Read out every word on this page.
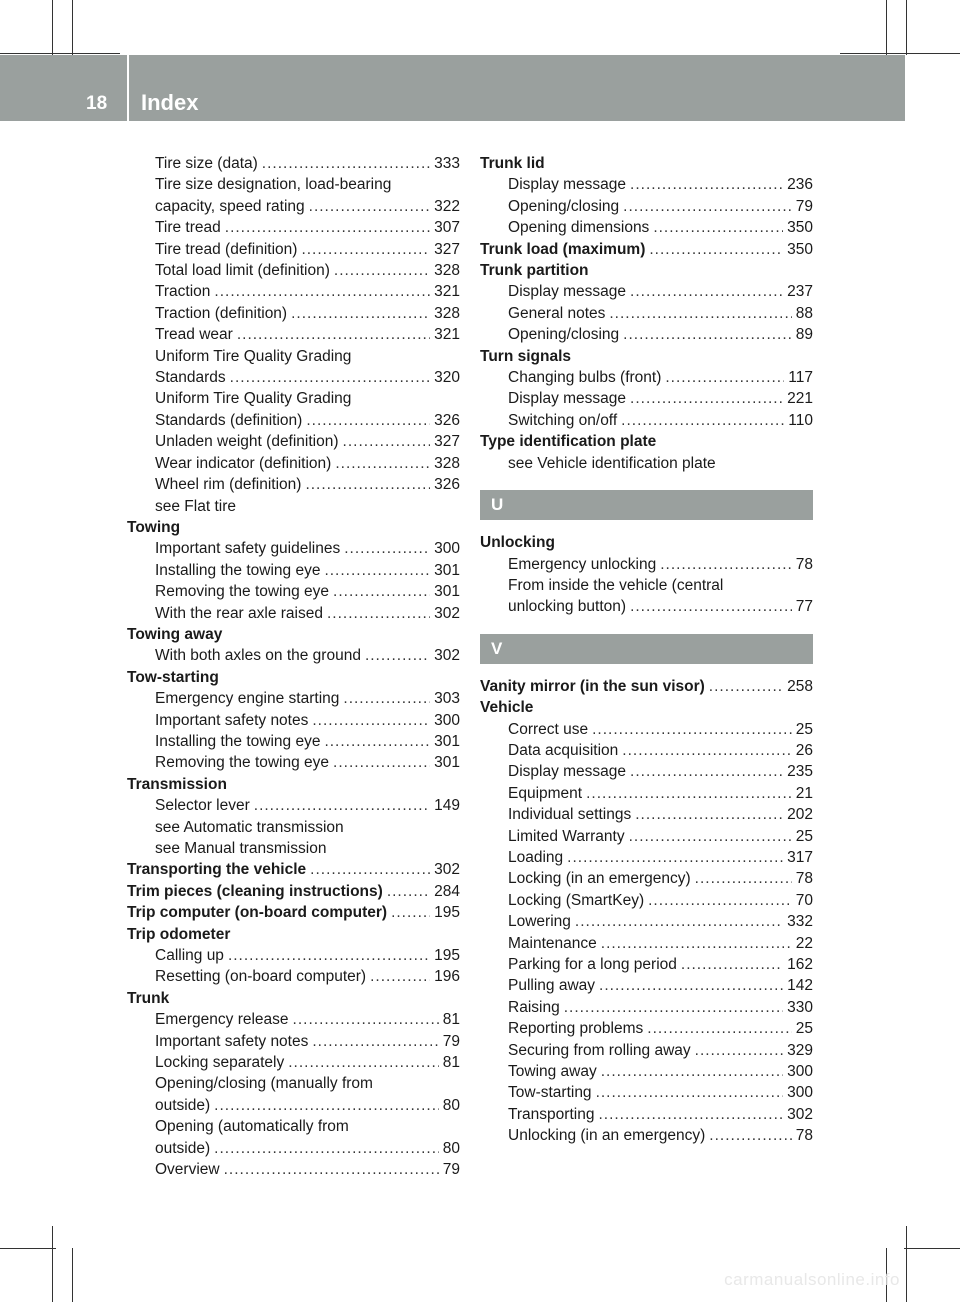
18 Index
Tire size (data) .....	333
Tire size designation, load-bearing
capacity, speed rating .....	322
Tire tread .....	307
Tire tread (definition) .....	327
Total load limit (definition) .....	328
Traction .....	321
Traction (definition) .....	328
Tread wear .....	321
Uniform Tire Quality Grading
Standards .....	320
Uniform Tire Quality Grading
Standards (definition) .....	326
Unladen weight (definition) .....	327
Wear indicator (definition) .....	328
Wheel rim (definition) .....	326
see Flat tire
Towing
Important safety guidelines .....	300
Installing the towing eye .....	301
Removing the towing eye .....	301
With the rear axle raised .....	302
Towing away
With both axles on the ground .....	302
Tow-starting
Emergency engine starting .....	303
Important safety notes .....	300
Installing the towing eye .....	301
Removing the towing eye .....	301
Transmission
Selector lever .....	149
see Automatic transmission
see Manual transmission
Transporting the vehicle .....	302
Trim pieces (cleaning instructions) .....	284
Trip computer (on-board computer) .....	195
Trip odometer
Calling up .....	195
Resetting (on-board computer) .....	196
Trunk
Emergency release .....	81
Important safety notes .....	79
Locking separately .....	81
Opening/closing (manually from
outside) .....	80
Opening (automatically from
outside) .....	80
Overview .....	79
Trunk lid
Display message .....	236
Opening/closing .....	79
Opening dimensions .....	350
Trunk load (maximum) .....	350
Trunk partition
Display message .....	237
General notes .....	88
Opening/closing .....	89
Turn signals
Changing bulbs (front) .....	117
Display message .....	221
Switching on/off .....	110
Type identification plate
see Vehicle identification plate
U
Unlocking
Emergency unlocking .....	78
From inside the vehicle (central
unlocking button) .....	77
V
Vanity mirror (in the sun visor) .....	258
Vehicle
Correct use .....	25
Data acquisition .....	26
Display message .....	235
Equipment .....	21
Individual settings .....	202
Limited Warranty .....	25
Loading .....	317
Locking (in an emergency) .....	78
Locking (SmartKey) .....	70
Lowering .....	332
Maintenance .....	22
Parking for a long period .....	162
Pulling away .....	142
Raising .....	330
Reporting problems .....	25
Securing from rolling away .....	329
Towing away .....	300
Tow-starting .....	300
Transporting .....	302
Unlocking (in an emergency) .....	78
carmanualsonline.info
